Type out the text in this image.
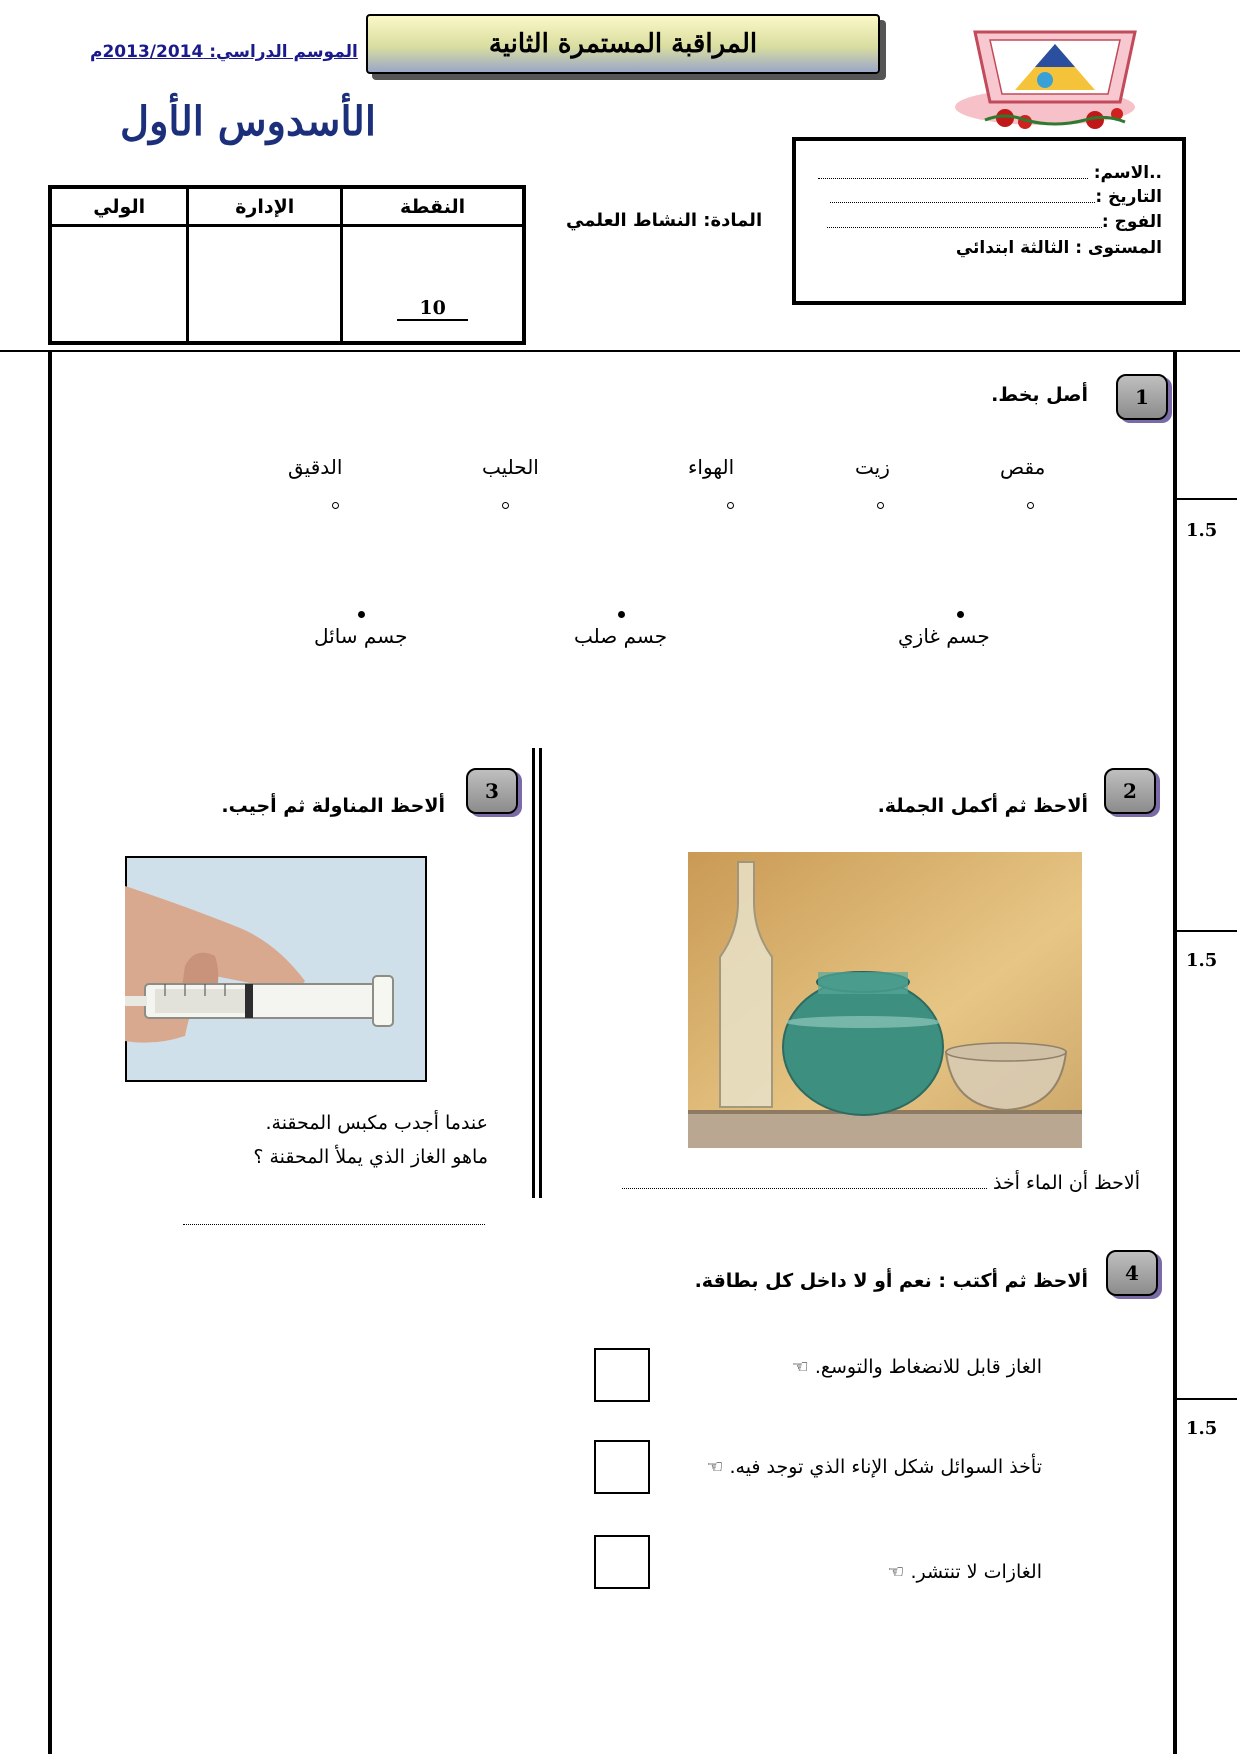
الموسم الدراسي: 2013/2014م	المراقبة المستمرة الثانية
الأسدوس الأول
..الاسم:
التاريخ :
الفوج :
المستوى : الثالثة ابتدائي
المادة: النشاط العلمي
الولي	الإدارة	النقطة
		10
1
أصل بخط.
مقص
زيت
الهواء
الحليب
الدقيق
جسم غازي
جسم صلب
جسم سائل
1.5
2
ألاحظ ثم أكمل الجملة.
ألاحظ أن الماء أخذ
1.5
3
ألاحظ المناولة ثم أجيب.
عندما أجدب مكبس المحقنة.
ماهو الغاز الذي يملأ المحقنة ؟
4
ألاحظ ثم أكتب : نعم أو لا داخل كل بطاقة.
الغاز قابل للانضغاط والتوسع. ☜
تأخذ السوائل شكل الإناء الذي توجد فيه. ☜
الغازات لا تنتشر. ☜
1.5
